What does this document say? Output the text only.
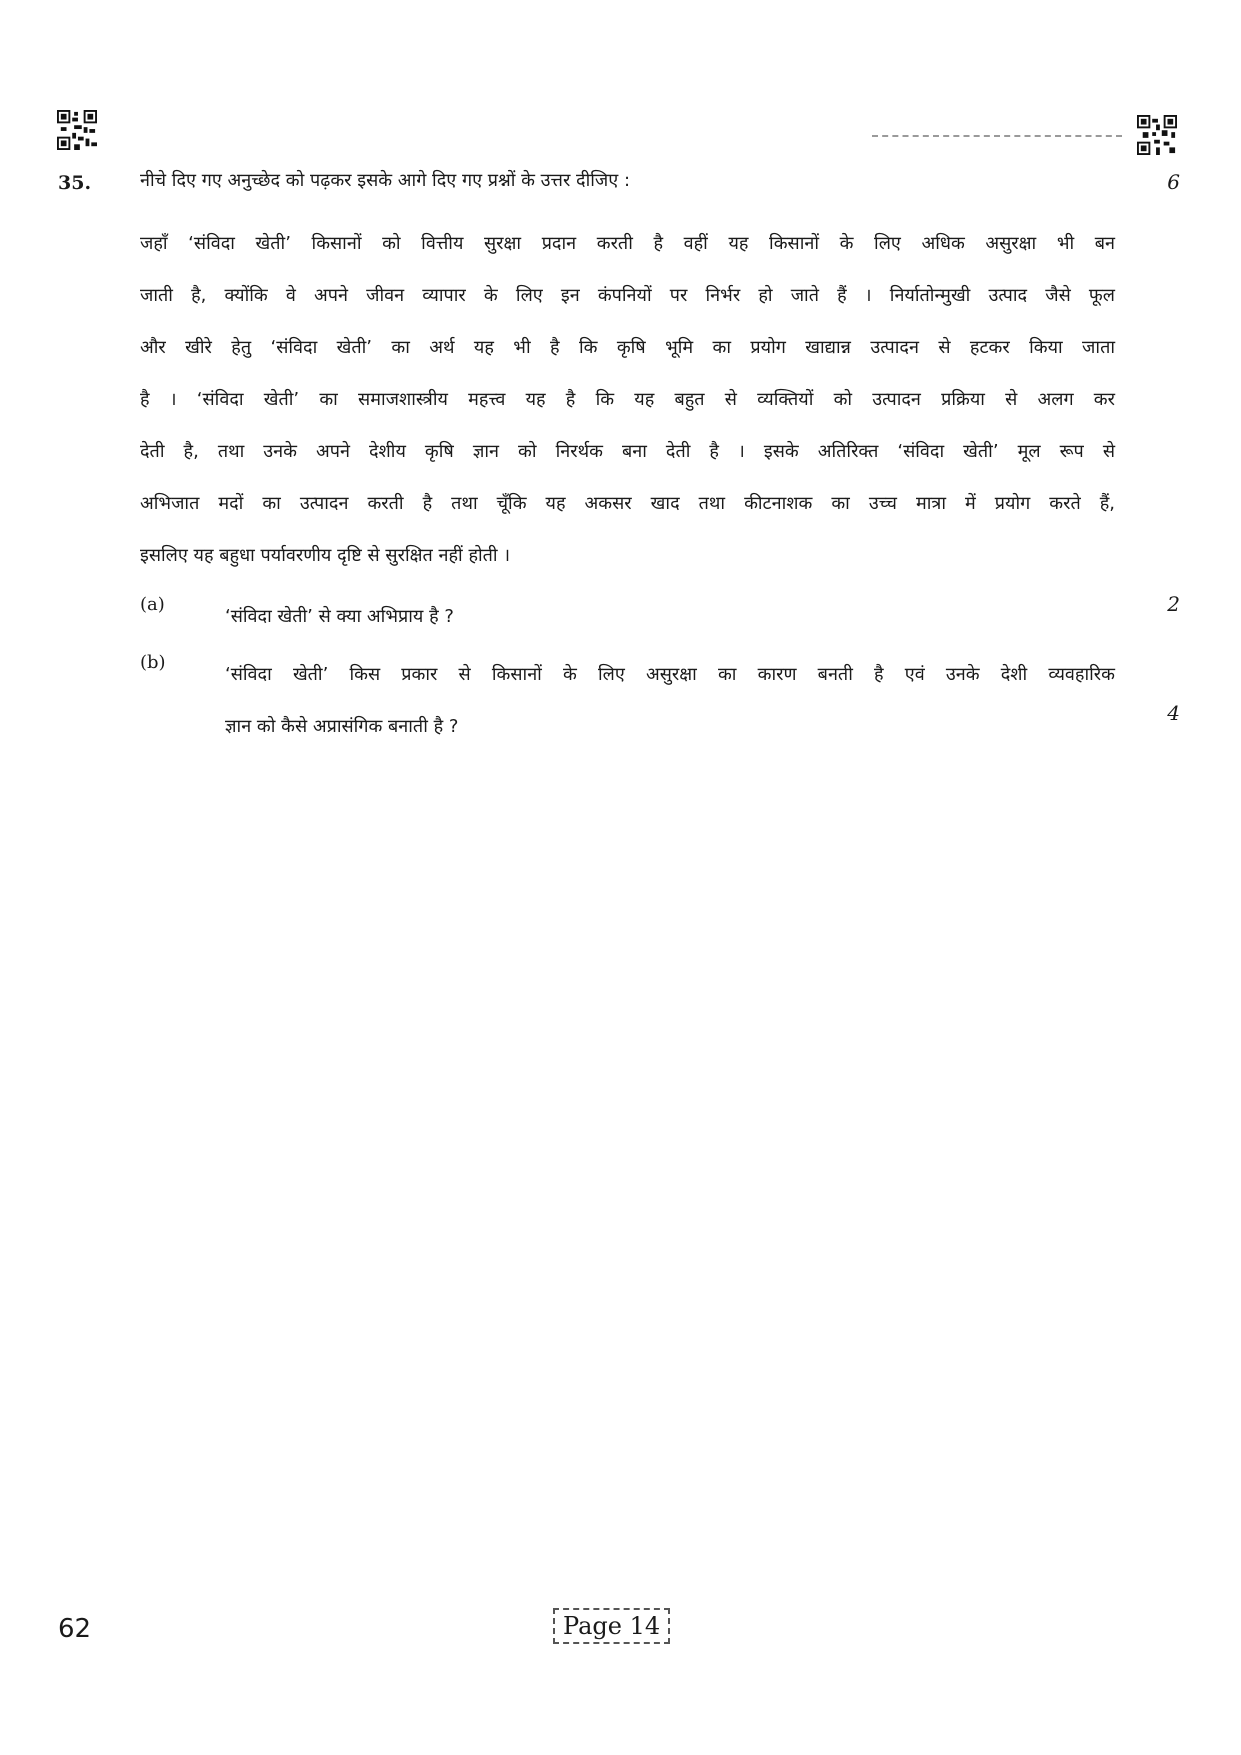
35.	नीचे दिए गए अनुच्छेद को पढ़कर इसके आगे दिए गए प्रश्नों के उत्तर दीजिए :	6
जहाँ ‘संविदा खेती’ किसानों को वित्तीय सुरक्षा प्रदान करती है वहीं यह किसानों के लिए अधिक असुरक्षा भी बन
जाती है, क्योंकि वे अपने जीवन व्यापार के लिए इन कंपनियों पर निर्भर हो जाते हैं । निर्यातोन्मुखी उत्पाद जैसे फूल
और खीरे हेतु ‘संविदा खेती’ का अर्थ यह भी है कि कृषि भूमि का प्रयोग खाद्यान्न उत्पादन से हटकर किया जाता
है । ‘संविदा खेती’ का समाजशास्त्रीय महत्त्व यह है कि यह बहुत से व्यक्तियों को उत्पादन प्रक्रिया से अलग कर
देती है, तथा उनके अपने देशीय कृषि ज्ञान को निरर्थक बना देती है । इसके अतिरिक्त ‘संविदा खेती’ मूल रूप से
अभिजात मदों का उत्पादन करती है तथा चूँकि यह अकसर खाद तथा कीटनाशक का उच्च मात्रा में प्रयोग करते हैं,
इसलिए यह बहुधा पर्यावरणीय दृष्टि से सुरक्षित नहीं होती ।
(a)
‘संविदा खेती’ से क्या अभिप्राय है ?
2
(b)
‘संविदा खेती’ किस प्रकार से किसानों के लिए असुरक्षा का कारण बनती है एवं उनके देशी व्यवहारिक
ज्ञान को कैसे अप्रासंगिक बनाती है ?
4
62	Page 14
